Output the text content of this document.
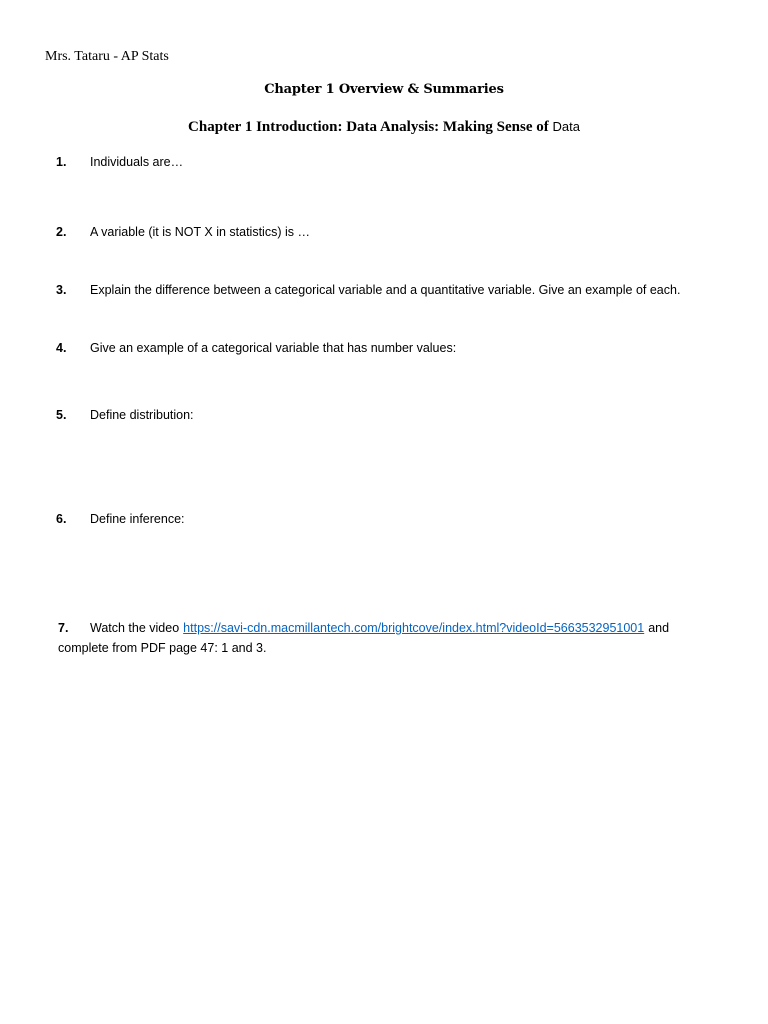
Mrs. Tataru - AP Stats
Chapter 1 Overview & Summaries
Chapter 1 Introduction: Data Analysis: Making Sense of Data
1. Individuals are…
2. A variable (it is NOT X in statistics) is …
3. Explain the difference between a categorical variable and a quantitative variable. Give an example of each.
4. Give an example of a categorical variable that has number values:
5. Define distribution:
6. Define inference:
7. Watch the video https://savi-cdn.macmillantech.com/brightcove/index.html?videoId=5663532951001 and
complete from PDF page 47: 1 and 3.
